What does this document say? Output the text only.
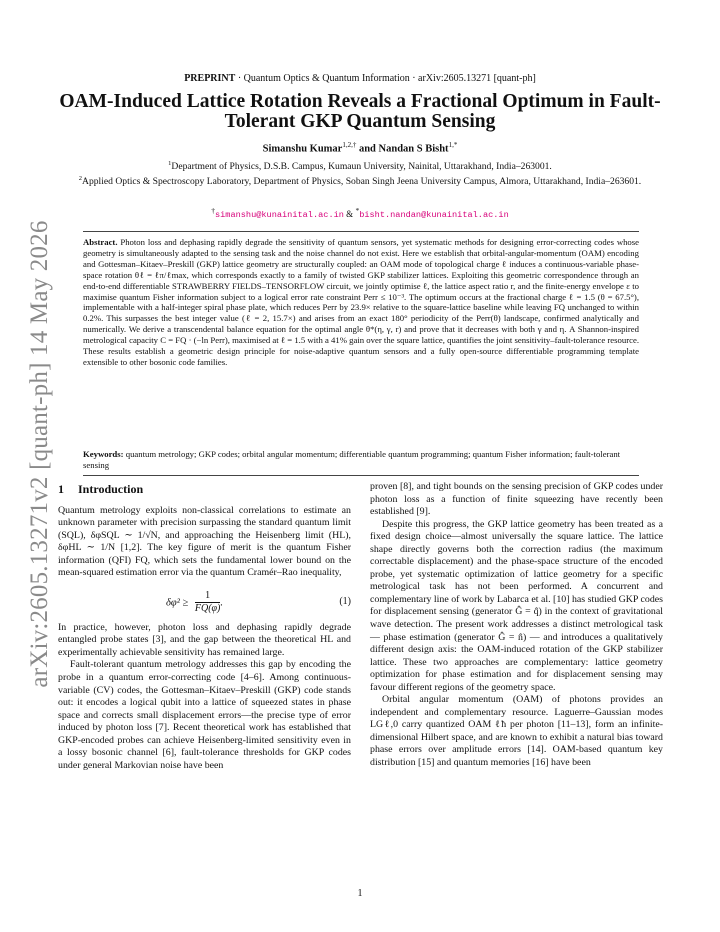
arXiv:2605.13271v2 [quant-ph] 14 May 2026
PREPRINT · Quantum Optics & Quantum Information · arXiv:2605.13271 [quant-ph]
OAM-Induced Lattice Rotation Reveals a Fractional Optimum in Fault-Tolerant GKP Quantum Sensing
Simanshu Kumar$^{1,2,\dagger}$ and Nandan S Bisht$^{1,*}$
$^1$Department of Physics, D.S.B. Campus, Kumaun University, Nainital, Uttarakhand, India–263001.
$^2$Applied Optics & Spectroscopy Laboratory, Department of Physics, Soban Singh Jeena University Campus, Almora, Uttarakhand, India–263601.
†simanshu@kunainital.ac.in & *bisht.nandan@kunainital.ac.in
Abstract. Photon loss and dephasing rapidly degrade the sensitivity of quantum sensors, yet systematic methods for designing error-correcting codes whose geometry is simultaneously adapted to the sensing task and the noise channel do not exist. Here we establish that orbital-angular-momentum (OAM) encoding and Gottesman–Kitaev–Preskill (GKP) lattice geometry are structurally coupled: an OAM mode of topological charge ℓ induces a continuous-variable phase-space rotation θℓ = ℓπ/ℓmax, which corresponds exactly to a family of twisted GKP stabilizer lattices. Exploiting this geometric correspondence through an end-to-end differentiable STRAWBERRY FIELDS–TENSORFLOW circuit, we jointly optimise ℓ, the lattice aspect ratio r, and the finite-energy envelope ε to maximise quantum Fisher information subject to a logical error rate constraint Perr ≤ 10⁻³. The optimum occurs at the fractional charge ℓ = 1.5 (θ = 67.5°), implementable with a half-integer spiral phase plate, which reduces Perr by 23.9× relative to the square-lattice baseline while leaving FQ unchanged to within 0.2%. This surpasses the best integer value (ℓ = 2, 15.7×) and arises from an exact 180° periodicity of the Perr(θ) landscape, confirmed analytically and numerically. We derive a transcendental balance equation for the optimal angle θ*(η, γ, r) and prove that it decreases with both γ and η. A Shannon-inspired metrological capacity C = FQ · (−ln Perr), maximised at ℓ = 1.5 with a 41% gain over the square lattice, quantifies the joint sensitivity–fault-tolerance resource. These results establish a geometric design principle for noise-adaptive quantum sensors and a fully open-source differentiable programming template extensible to other bosonic code families.
Keywords: quantum metrology; GKP codes; orbital angular momentum; differentiable quantum programming; quantum Fisher information; fault-tolerant sensing
1 Introduction

Quantum metrology exploits non-classical correlations to estimate an unknown parameter with precision surpassing the standard quantum limit (SQL), δφSQL ∼ 1/√N, and approaching the Heisenberg limit (HL), δφHL ∼ 1/N [1,2]. The key figure of merit is the quantum Fisher information (QFI) FQ, which sets the fundamental lower bound on the mean-squared estimation error via the quantum Cramér–Rao inequality,

$\delta\varphi^2 \ge \frac{1}{FQ(\varphi)}$ .	(1)

In practice, however, photon loss and dephasing rapidly degrade entangled probe states [3], and the gap between the theoretical HL and experimentally achievable sensitivity has remained large.

Fault-tolerant quantum metrology addresses this gap by encoding the probe in a quantum error-correcting code [4–6]. Among continuous-variable (CV) codes, the Gottesman–Kitaev–Preskill (GKP) code stands out: it encodes a logical qubit into a lattice of squeezed states in phase space and corrects small displacement errors—the precise type of error induced by photon loss [7]. Recent theoretical work has established that GKP-encoded probes can achieve Heisenberg-limited sensitivity even in a lossy bosonic channel [6], fault-tolerance thresholds for GKP codes under general Markovian noise have been

proven [8], and tight bounds on the sensing precision of GKP codes under photon loss as a function of finite squeezing have recently been established [9].

Despite this progress, the GKP lattice geometry has been treated as a fixed design choice—almost universally the square lattice. The lattice shape directly governs both the correction radius (the maximum correctable displacement) and the phase-space structure of the encoded probe, yet systematic optimization of lattice geometry for a specific metrological task has not been performed. A concurrent and complementary line of work by Labarca et al. [10] has studied GKP codes for displacement sensing (generator Ĝ = q̂) in the context of gravitational wave detection. The present work addresses a distinct metrological task — phase estimation (generator Ĝ = n̂) — and introduces a qualitatively different design axis: the OAM-induced rotation of the GKP stabilizer lattice. These two approaches are complementary: lattice geometry optimization for phase estimation and for displacement sensing may favour different regions of the geometry space.

Orbital angular momentum (OAM) of photons provides an independent and complementary resource. Laguerre–Gaussian modes LGℓ,0 carry quantized OAM ℓħ per photon [11–13], form an infinite-dimensional Hilbert space, and are known to exhibit a natural bias toward phase errors over amplitude errors [14]. OAM-based quantum key distribution [15] and quantum memories [16] have been

1
